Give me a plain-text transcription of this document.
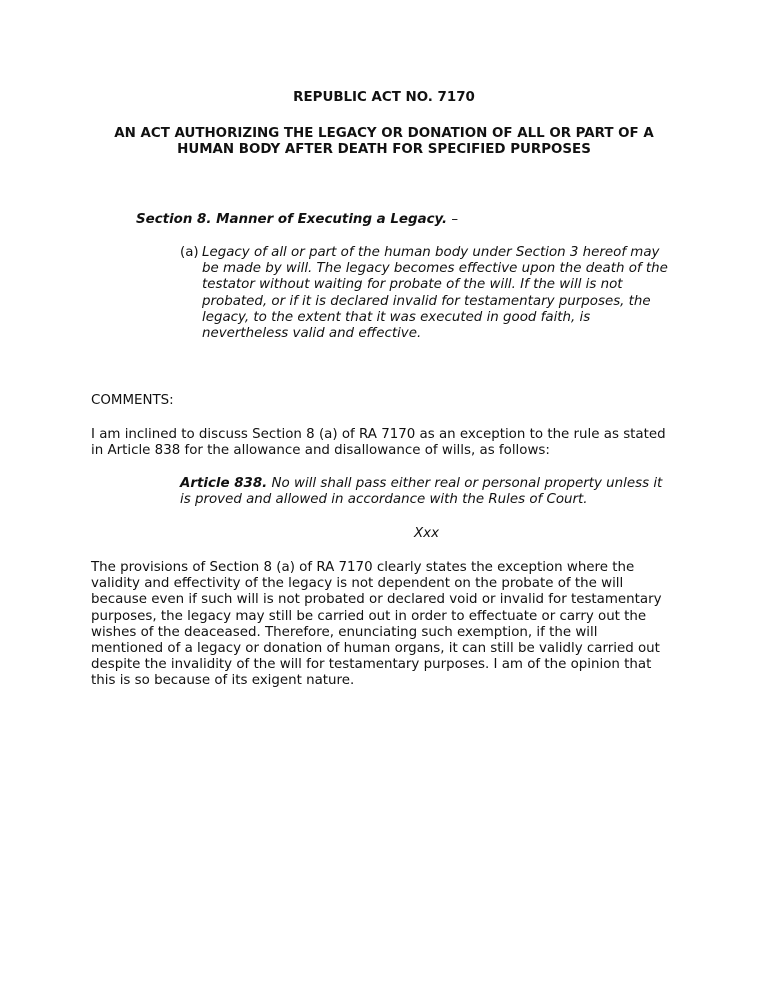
REPUBLIC ACT NO. 7170
AN ACT AUTHORIZING THE LEGACY OR DONATION OF ALL OR PART OF A
HUMAN BODY AFTER DEATH FOR SPECIFIED PURPOSES
Section 8. Manner of Executing a Legacy. –
(a) Legacy of all or part of the human body under Section 3 hereof may
be made by will. The legacy becomes effective upon the death of the
testator without waiting for probate of the will. If the will is not
probated, or if it is declared invalid for testamentary purposes, the
legacy, to the extent that it was executed in good faith, is
nevertheless valid and effective.
COMMENTS:
I am inclined to discuss Section 8 (a) of RA 7170 as an exception to the rule as stated
in Article 838 for the allowance and disallowance of wills, as follows:
Article 838. No will shall pass either real or personal property unless it
is proved and allowed in accordance with the Rules of Court.
Xxx
The provisions of Section 8 (a) of RA 7170 clearly states the exception where the
validity and effectivity of the legacy is not dependent on the probate of the will
because even if such will is not probated or declared void or invalid for testamentary
purposes, the legacy may still be carried out in order to effectuate or carry out the
wishes of the deaceased. Therefore, enunciating such exemption, if the will
mentioned of a legacy or donation of human organs, it can still be validly carried out
despite the invalidity of the will for testamentary purposes. I am of the opinion that
this is so because of its exigent nature.
